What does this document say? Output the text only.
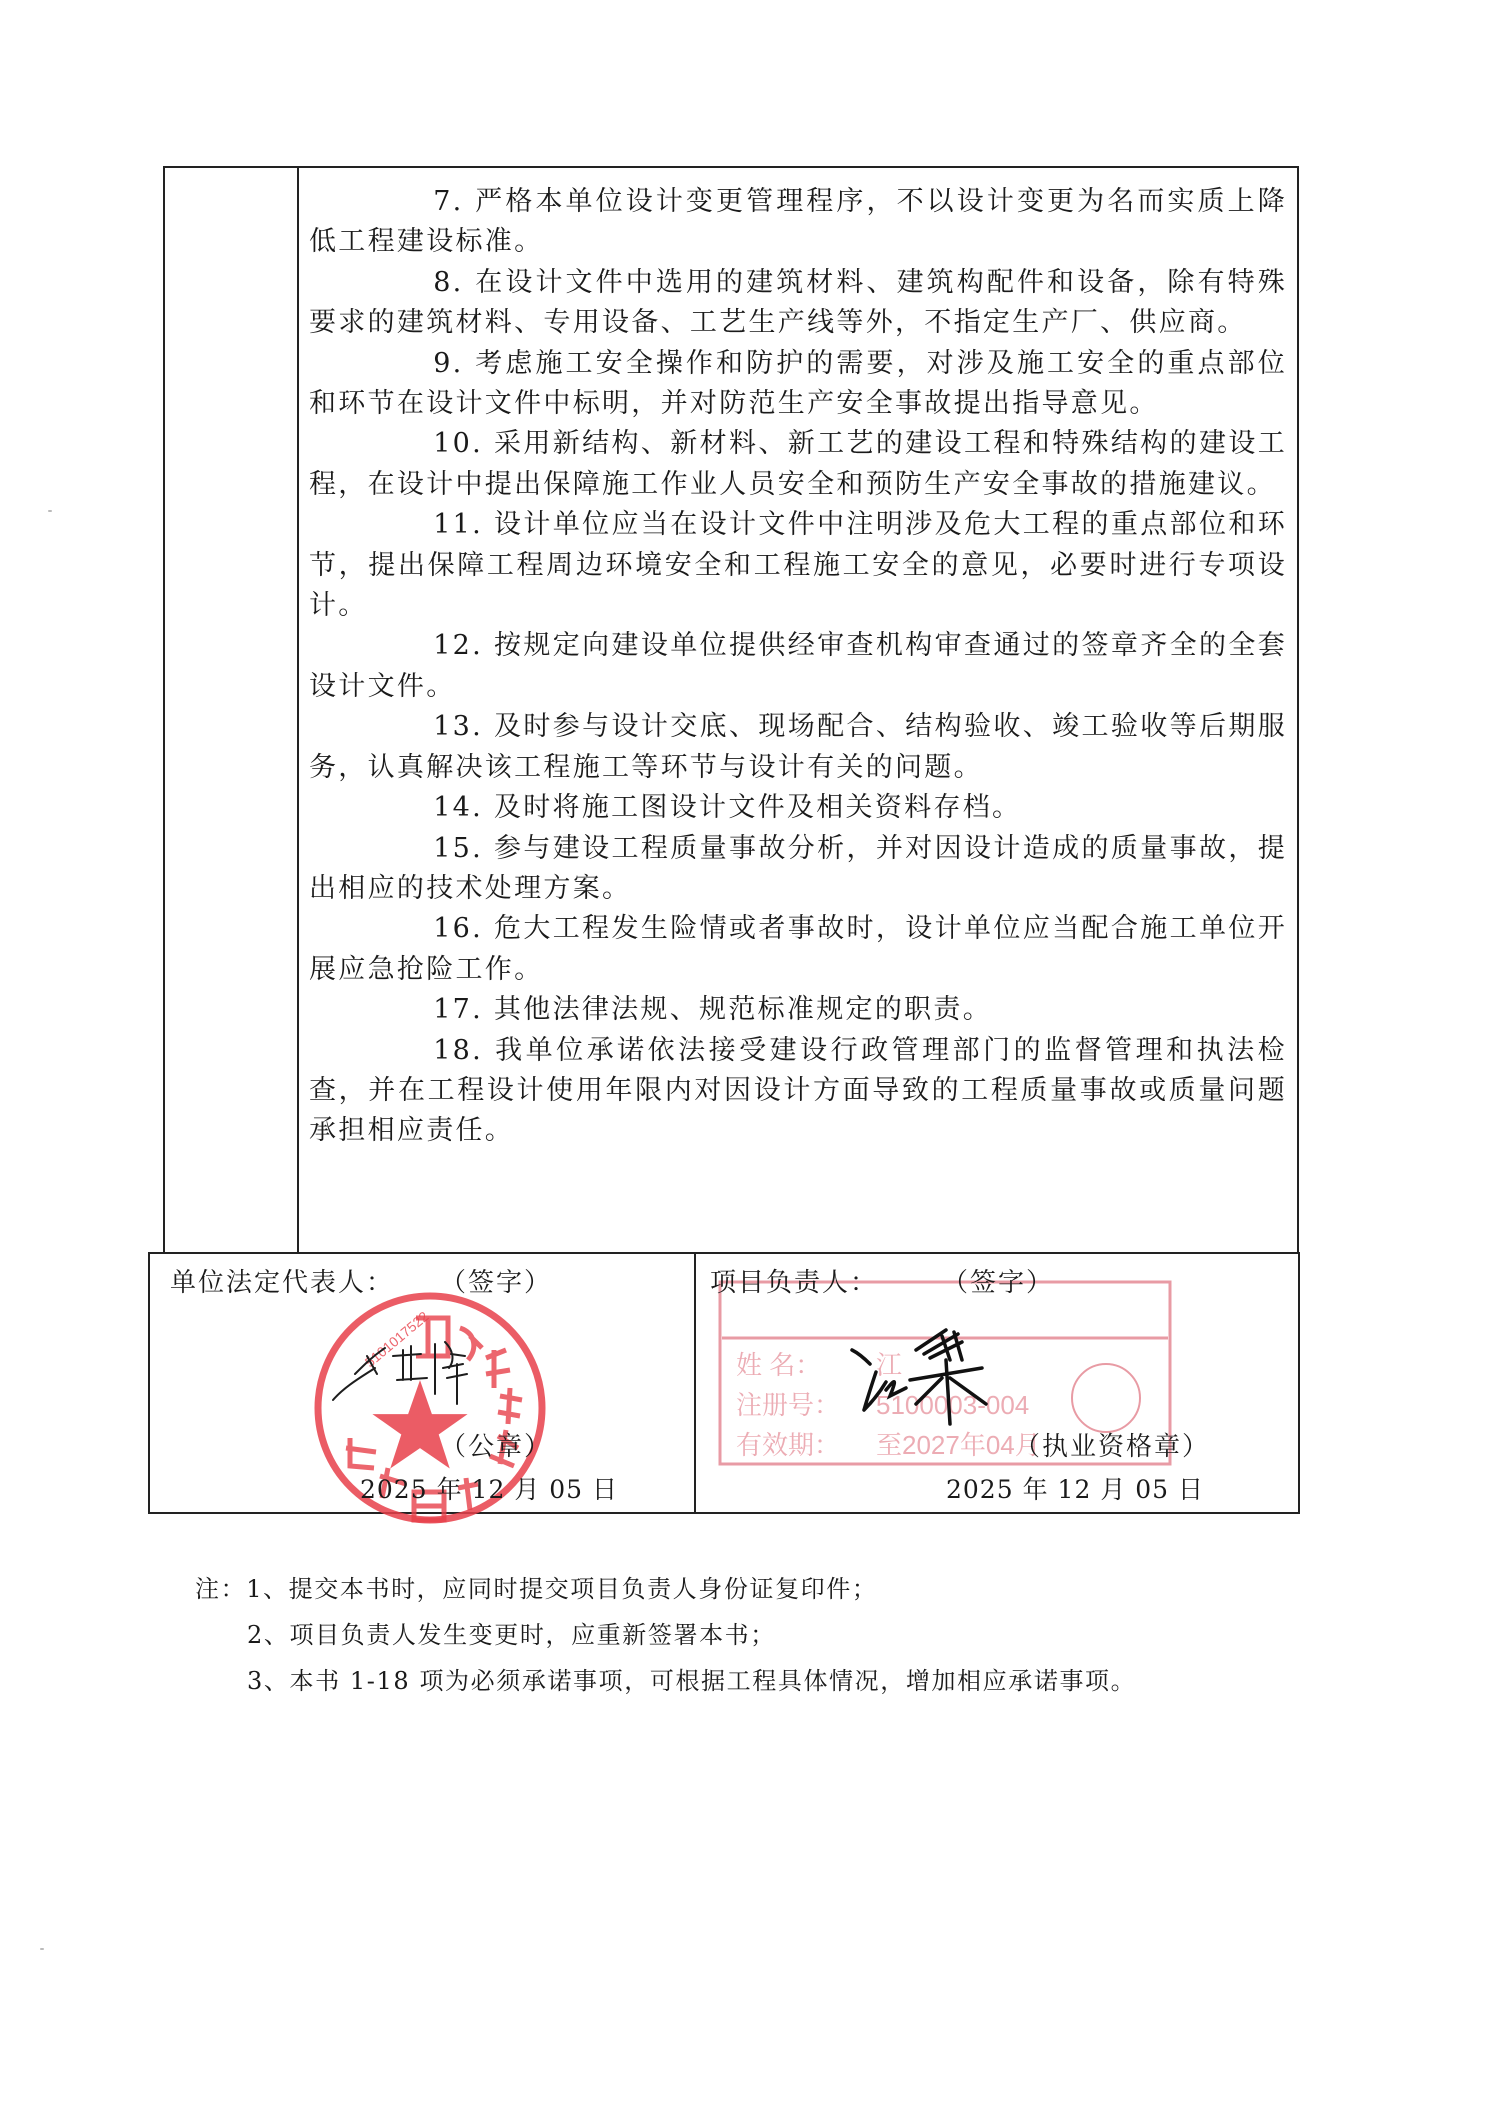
7. 严格本单位设计变更管理程序，不以设计变更为名而实质上降低工程建设标准。

8. 在设计文件中选用的建筑材料、建筑构配件和设备，除有特殊要求的建筑材料、专用设备、工艺生产线等外，不指定生产厂、供应商。

9. 考虑施工安全操作和防护的需要，对涉及施工安全的重点部位和环节在设计文件中标明，并对防范生产安全事故提出指导意见。

10. 采用新结构、新材料、新工艺的建设工程和特殊结构的建设工程，在设计中提出保障施工作业人员安全和预防生产安全事故的措施建议。

11. 设计单位应当在设计文件中注明涉及危大工程的重点部位和环节，提出保障工程周边环境安全和工程施工安全的意见，必要时进行专项设计。

12. 按规定向建设单位提供经审查机构审查通过的签章齐全的全套设计文件。

13. 及时参与设计交底、现场配合、结构验收、竣工验收等后期服务，认真解决该工程施工等环节与设计有关的问题。

14. 及时将施工图设计文件及相关资料存档。

15. 参与建设工程质量事故分析，并对因设计造成的质量事故，提出相应的技术处理方案。

16. 危大工程发生险情或者事故时，设计单位应当配合施工单位开展应急抢险工作。

17. 其他法律法规、规范标准规定的职责。

18. 我单位承诺依法接受建设行政管理部门的监督管理和执法检查，并在工程设计使用年限内对因设计方面导致的工程质量事故或质量问题承担相应责任。

5101017522
单位法定代表人： （签字）
（公章）
2025 年 12 月 05 日
姓 名：
注册号：
有效期：
江
5100003-004
至2027年04月
项目负责人： （签字）
（执业资格章）
2025 年 12 月 05 日
注：1、提交本书时，应同时提交项目负责人身份证复印件；
2、项目负责人发生变更时，应重新签署本书；
3、本书 1-18 项为必须承诺事项，可根据工程具体情况，增加相应承诺事项。
